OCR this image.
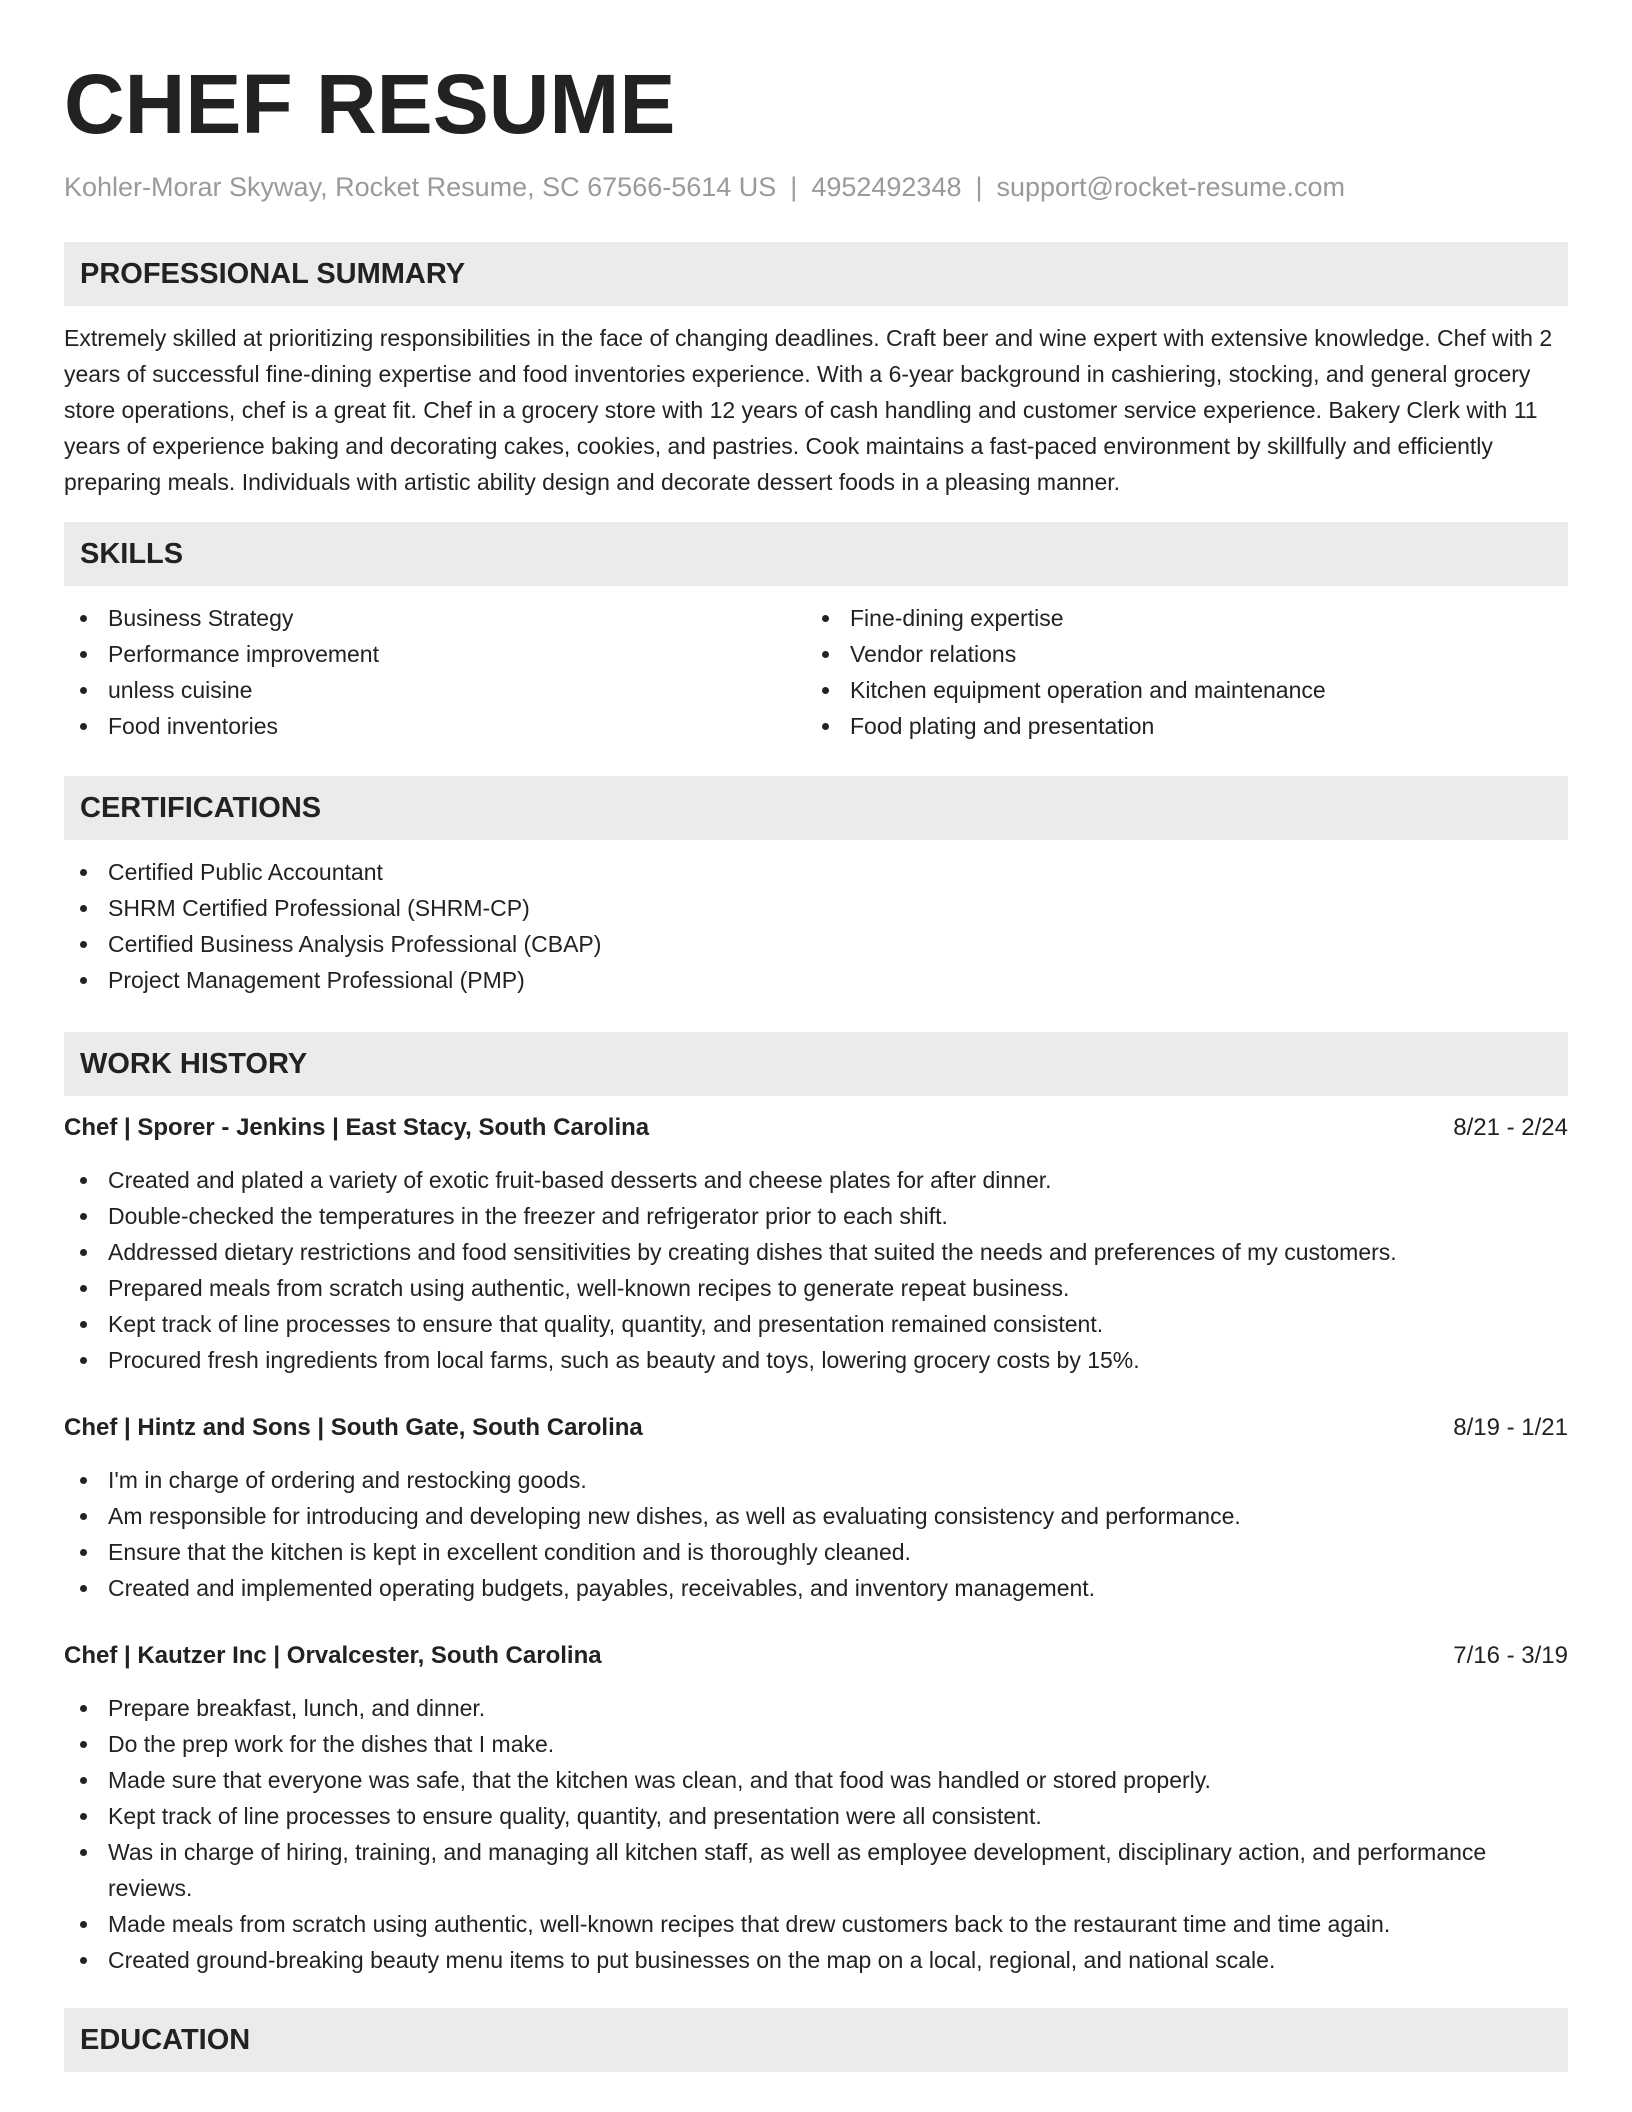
CHEF RESUME
Kohler-Morar Skyway, Rocket Resume, SC 67566-5614 US | 4952492348 | support@rocket-resume.com
PROFESSIONAL SUMMARY
Extremely skilled at prioritizing responsibilities in the face of changing deadlines. Craft beer and wine expert with extensive knowledge. Chef with 2 years of successful fine-dining expertise and food inventories experience. With a 6-year background in cashiering, stocking, and general grocery store operations, chef is a great fit. Chef in a grocery store with 12 years of cash handling and customer service experience. Bakery Clerk with 11 years of experience baking and decorating cakes, cookies, and pastries. Cook maintains a fast-paced environment by skillfully and efficiently preparing meals. Individuals with artistic ability design and decorate dessert foods in a pleasing manner.
SKILLS
Business Strategy
Performance improvement
unless cuisine
Food inventories
Fine-dining expertise
Vendor relations
Kitchen equipment operation and maintenance
Food plating and presentation
CERTIFICATIONS
Certified Public Accountant
SHRM Certified Professional (SHRM-CP)
Certified Business Analysis Professional (CBAP)
Project Management Professional (PMP)
WORK HISTORY
Chef | Sporer - Jenkins | East Stacy, South Carolina	8/21 - 2/24
Created and plated a variety of exotic fruit-based desserts and cheese plates for after dinner.
Double-checked the temperatures in the freezer and refrigerator prior to each shift.
Addressed dietary restrictions and food sensitivities by creating dishes that suited the needs and preferences of my customers.
Prepared meals from scratch using authentic, well-known recipes to generate repeat business.
Kept track of line processes to ensure that quality, quantity, and presentation remained consistent.
Procured fresh ingredients from local farms, such as beauty and toys, lowering grocery costs by 15%.
Chef | Hintz and Sons | South Gate, South Carolina	8/19 - 1/21
I'm in charge of ordering and restocking goods.
Am responsible for introducing and developing new dishes, as well as evaluating consistency and performance.
Ensure that the kitchen is kept in excellent condition and is thoroughly cleaned.
Created and implemented operating budgets, payables, receivables, and inventory management.
Chef | Kautzer Inc | Orvalcester, South Carolina	7/16 - 3/19
Prepare breakfast, lunch, and dinner.
Do the prep work for the dishes that I make.
Made sure that everyone was safe, that the kitchen was clean, and that food was handled or stored properly.
Kept track of line processes to ensure quality, quantity, and presentation were all consistent.
Was in charge of hiring, training, and managing all kitchen staff, as well as employee development, disciplinary action, and performance reviews.
Made meals from scratch using authentic, well-known recipes that drew customers back to the restaurant time and time again.
Created ground-breaking beauty menu items to put businesses on the map on a local, regional, and national scale.
EDUCATION
